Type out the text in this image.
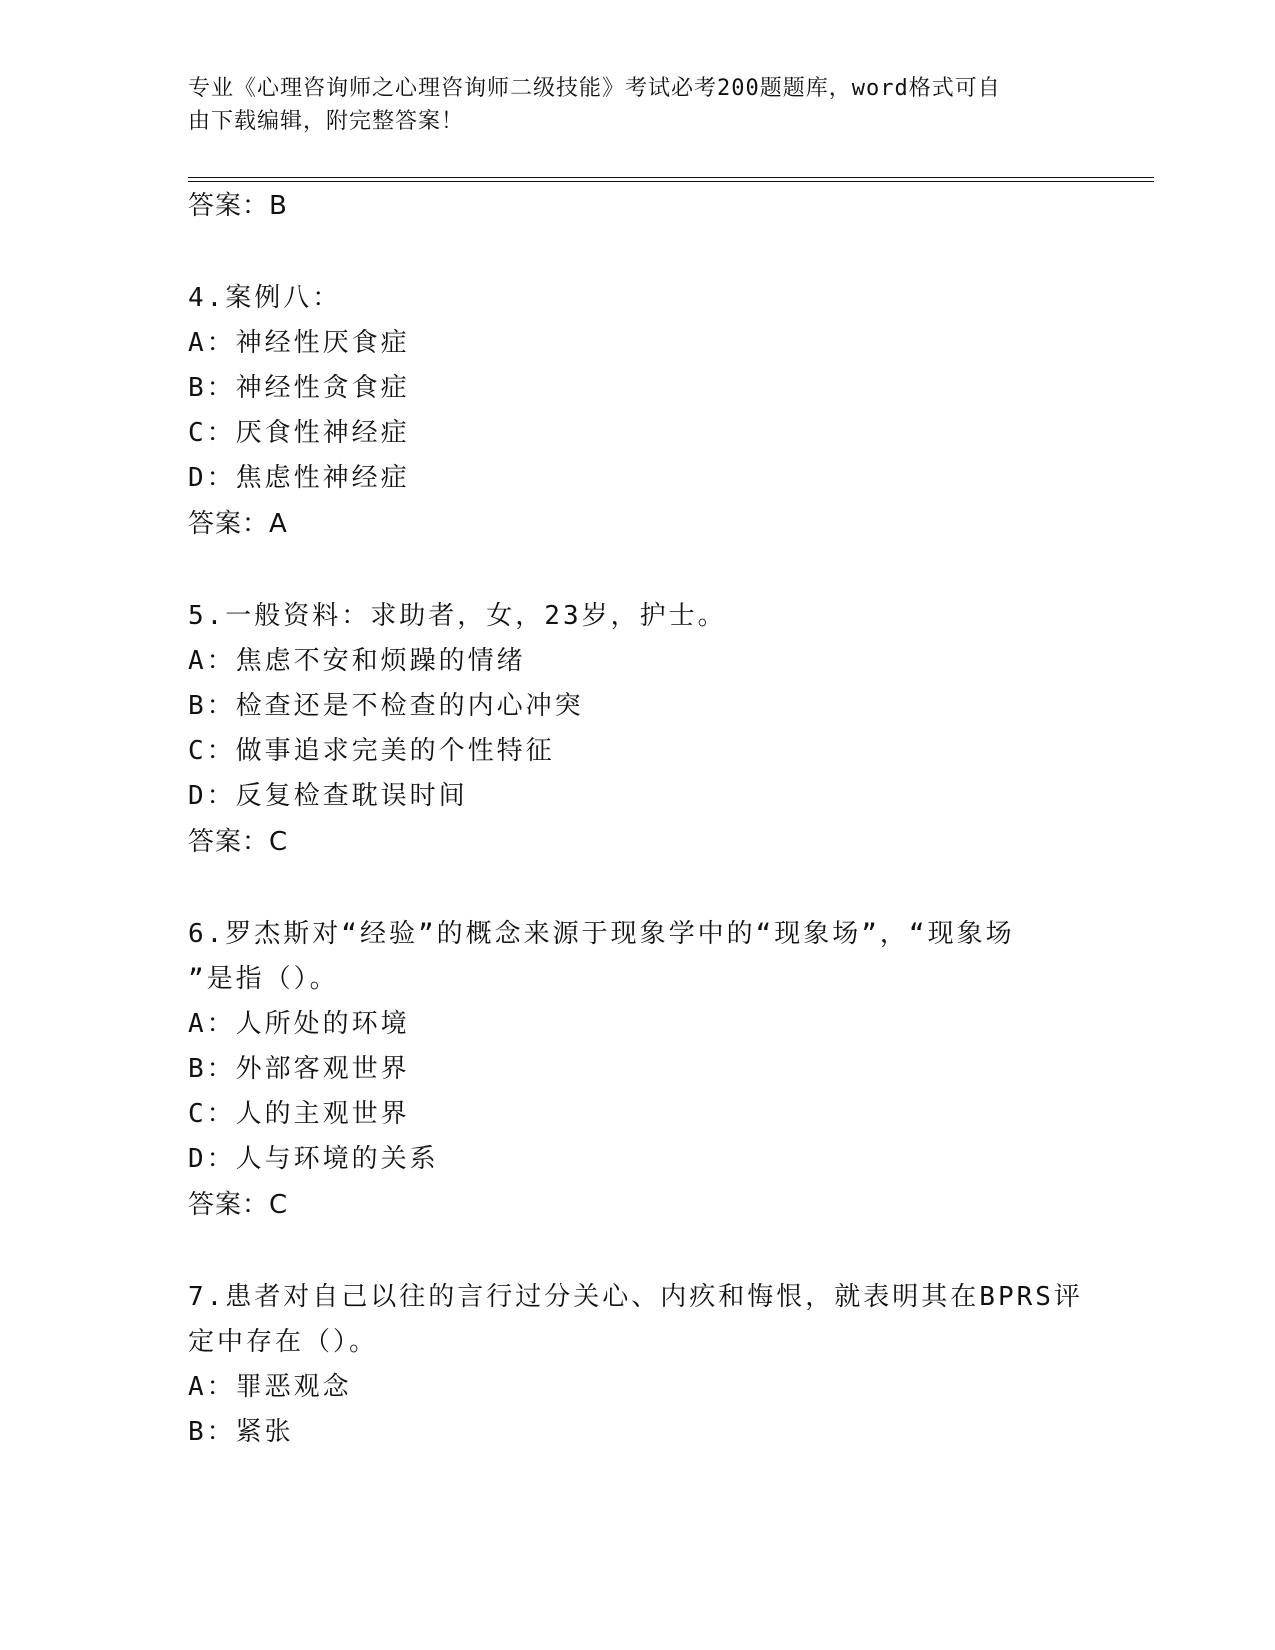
专业《心理咨询师之心理咨询师二级技能》考试必考200题题库，word格式可自
由下载编辑，附完整答案！
答案：B
4.案例八：
A：神经性厌食症
B：神经性贪食症
C：厌食性神经症
D：焦虑性神经症
答案：A
5.一般资料：求助者，女，23岁，护士。
A：焦虑不安和烦躁的情绪
B：检查还是不检查的内心冲突
C：做事追求完美的个性特征
D：反复检查耽误时间
答案：C
6.罗杰斯对“经验”的概念来源于现象学中的“现象场”，“现象场
”是指（）。
A：人所处的环境
B：外部客观世界
C：人的主观世界
D：人与环境的关系
答案：C
7.患者对自己以往的言行过分关心、内疚和悔恨，就表明其在BPRS评
定中存在（）。
A：罪恶观念
B：紧张
